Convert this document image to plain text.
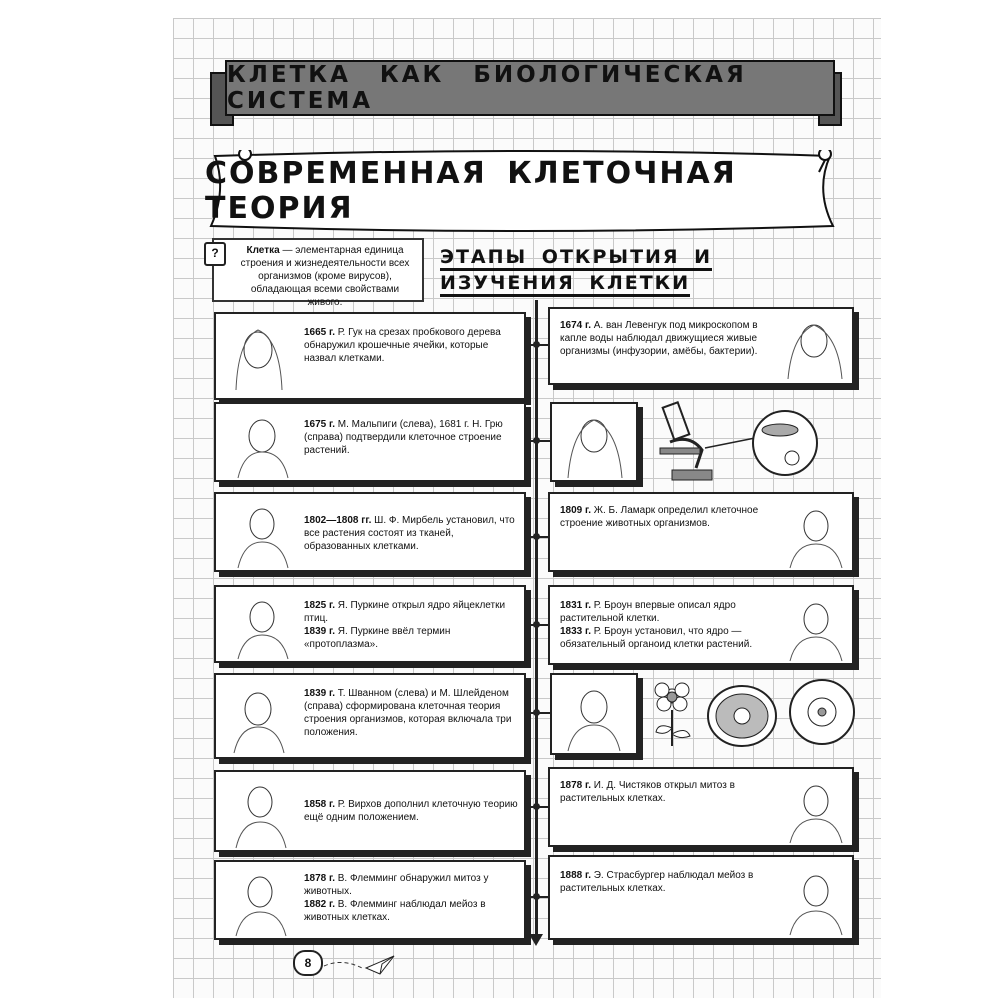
КЛЕТКА КАК БИОЛОГИЧЕСКАЯ СИСТЕМА
СОВРЕМЕННАЯ КЛЕТОЧНАЯ ТЕОРИЯ
Клетка — элементарная единица строения и жизнедеятельности всех организмов (кроме вирусов), обладающая всеми свойствами живого.
?	ЭТАПЫ ОТКРЫТИЯ И ИЗУЧЕНИЯ КЛЕТКИ
1665 г. Р. Гук на срезах пробкового дерева обнаружил крошечные ячейки, которые назвал клетками.
1675 г. М. Мальпиги (слева), 1681 г. Н. Грю (справа) подтвердили клеточное строение растений.
1802—1808 гг. Ш. Ф. Мирбель установил, что все растения состоят из тканей, образованных клетками.
1825 г. Я. Пуркине открыл ядро яйцеклетки птиц.
1839 г. Я. Пуркине ввёл термин «протоплазма».
1839 г. Т. Шванном (слева) и М. Шлейденом (справа) сформирована клеточная теория строения организмов, которая включала три положения.
1858 г. Р. Вирхов дополнил клеточную теорию ещё одним положением.
1878 г. В. Флемминг обнаружил митоз у животных.
1882 г. В. Флемминг наблюдал мейоз в животных клетках.
1674 г. А. ван Левенгук под микроскопом в капле воды наблюдал движущиеся живые организмы (инфузории, амёбы, бактерии).
1809 г. Ж. Б. Ламарк определил клеточное строение животных организмов.
1831 г. Р. Броун впервые описал ядро растительной клетки.
1833 г. Р. Броун установил, что ядро — обязательный органоид клетки растений.
1878 г. И. Д. Чистяков открыл митоз в растительных клетках.
1888 г. Э. Страсбургер наблюдал мейоз в растительных клетках.
8
